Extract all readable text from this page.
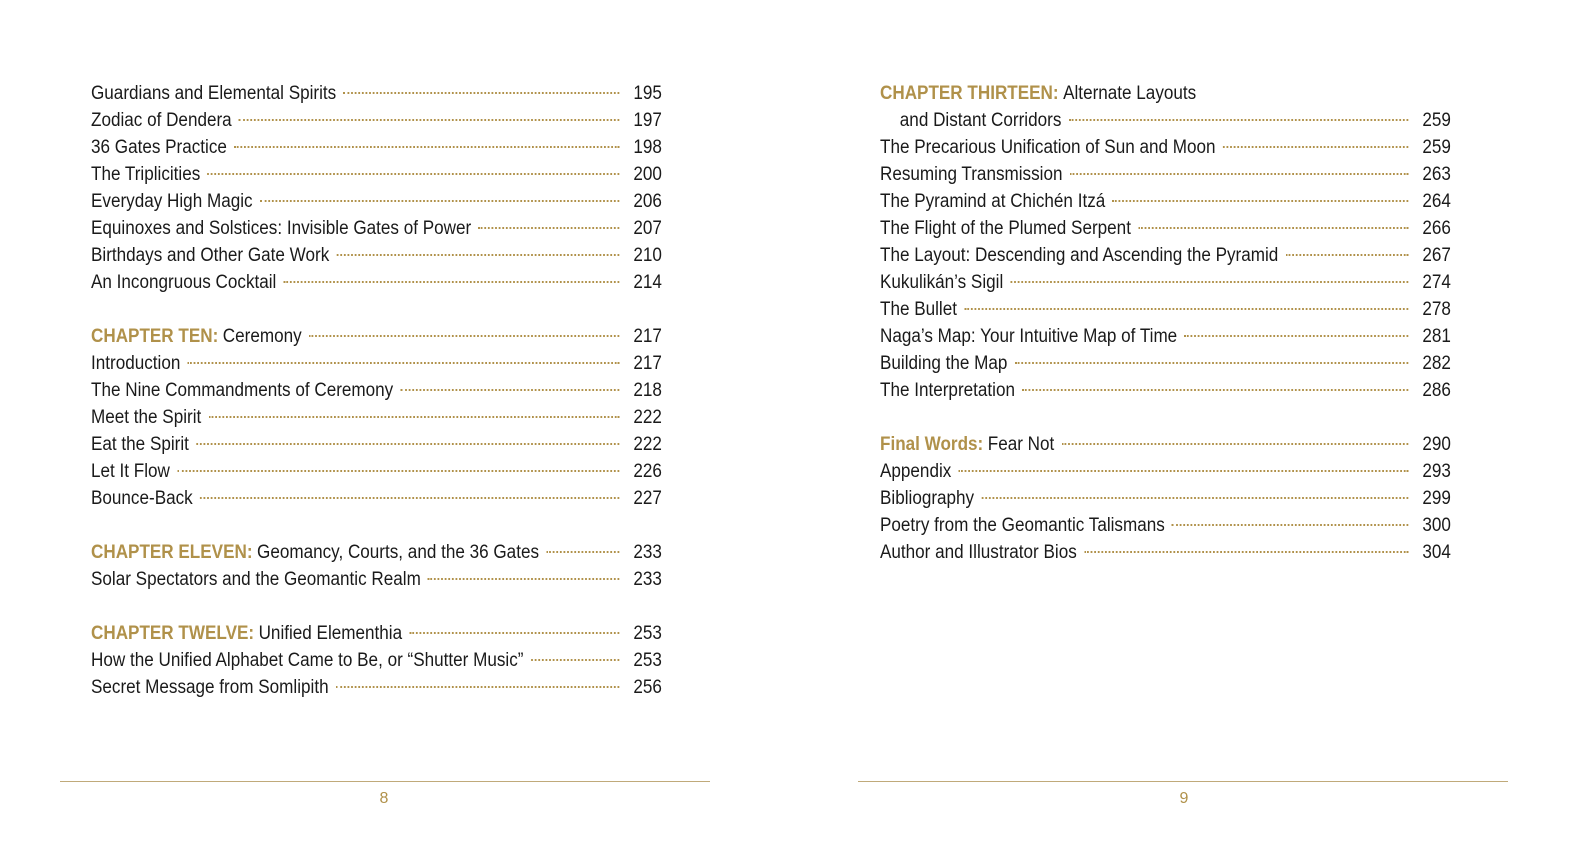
Guardians and Elemental Spirits	195
Zodiac of Dendera	197
36 Gates Practice	198
The Triplicities	200
Everyday High Magic	206
Equinoxes and Solstices: Invisible Gates of Power	207
Birthdays and Other Gate Work	210
An Incongruous Cocktail	214
CHAPTER TEN: Ceremony	217
Introduction	217
The Nine Commandments of Ceremony	218
Meet the Spirit	222
Eat the Spirit	222
Let It Flow	226
Bounce-Back	227
CHAPTER ELEVEN: Geomancy, Courts, and the 36 Gates	233
Solar Spectators and the Geomantic Realm	233
CHAPTER TWELVE: Unified Elementhia	253
How the Unified Alphabet Came to Be, or “Shutter Music”	253
Secret Message from Somlipith	256
8
CHAPTER THIRTEEN: Alternate Layouts
and Distant Corridors	259
The Precarious Unification of Sun and Moon	259
Resuming Transmission	263
The Pyramind at Chichén Itzá	264
The Flight of the Plumed Serpent	266
The Layout: Descending and Ascending the Pyramid	267
Kukulikán’s Sigil	274
The Bullet	278
Naga’s Map: Your Intuitive Map of Time	281
Building the Map	282
The Interpretation	286
Final Words: Fear Not	290
Appendix	293
Bibliography	299
Poetry from the Geomantic Talismans	300
Author and Illustrator Bios	304
9
